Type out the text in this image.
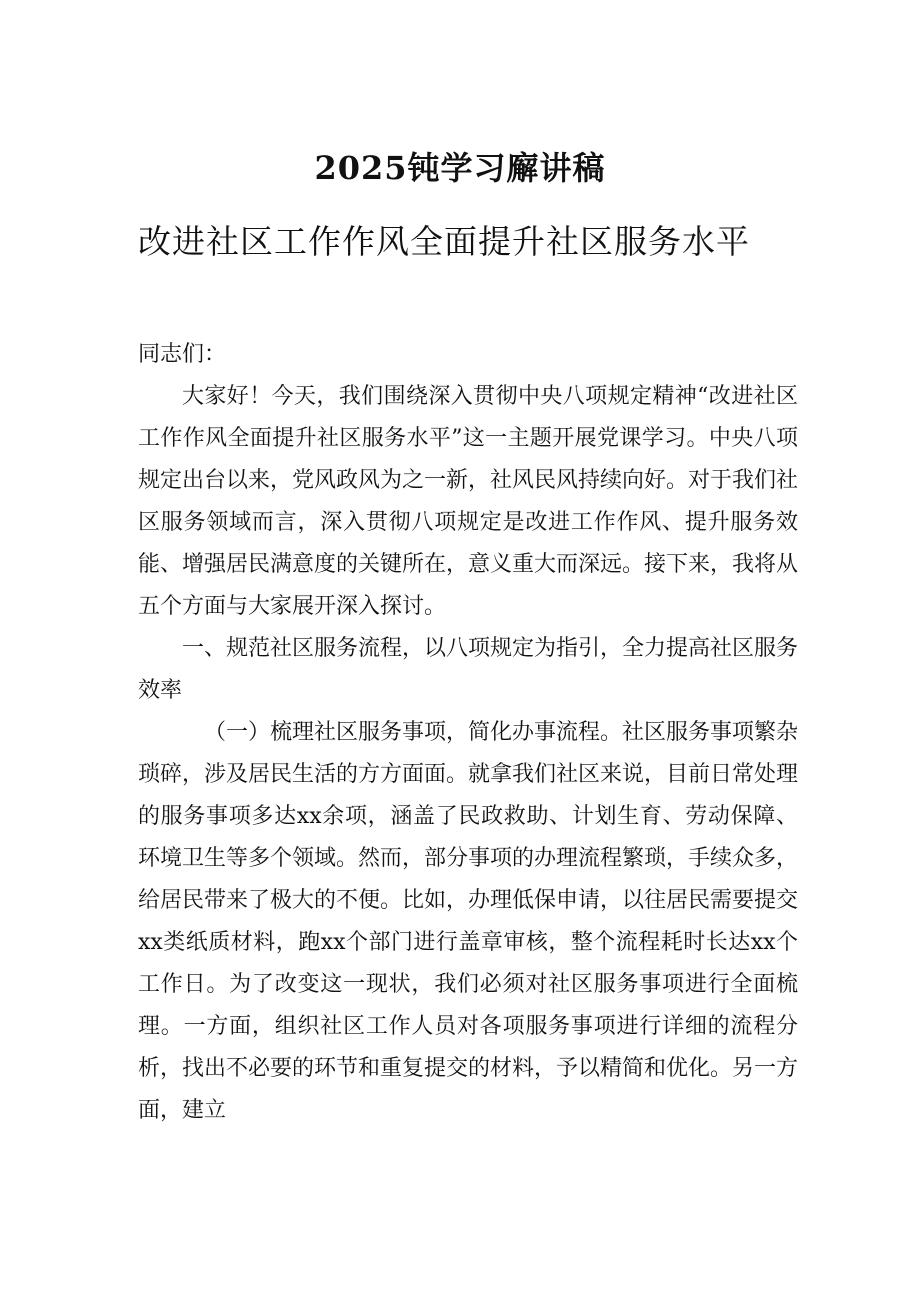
2025钝学习廨讲稿
改进社区工作作风全面提升社区服务水平

同志们：

大家好！今天，我们围绕深入贯彻中央八项规定精神“改进社区工作作风全面提升社区服务水平”这一主题开展党课学习。中央八项规定出台以来，党风政风为之一新，社风民风持续向好。对于我们社区服务领域而言，深入贯彻八项规定是改进工作作风、提升服务效能、增强居民满意度的关键所在，意义重大而深远。接下来，我将从五个方面与大家展开深入探讨。

一、规范社区服务流程，以八项规定为指引，全力提高社区服务效率

（一）梳理社区服务事项，简化办事流程。社区服务事项繁杂琐碎，涉及居民生活的方方面面。就拿我们社区来说，目前日常处理的服务事项多达xx余项，涵盖了民政救助、计划生育、劳动保障、环境卫生等多个领域。然而，部分事项的办理流程繁琐，手续众多，给居民带来了极大的不便。比如，办理低保申请，以往居民需要提交xx类纸质材料，跑xx个部门进行盖章审核，整个流程耗时长达xx个工作日。为了改变这一现状，我们必须对社区服务事项进行全面梳理。一方面，组织社区工作人员对各项服务事项进行详细的流程分析，找出不必要的环节和重复提交的材料，予以精简和优化。另一方面，建立
